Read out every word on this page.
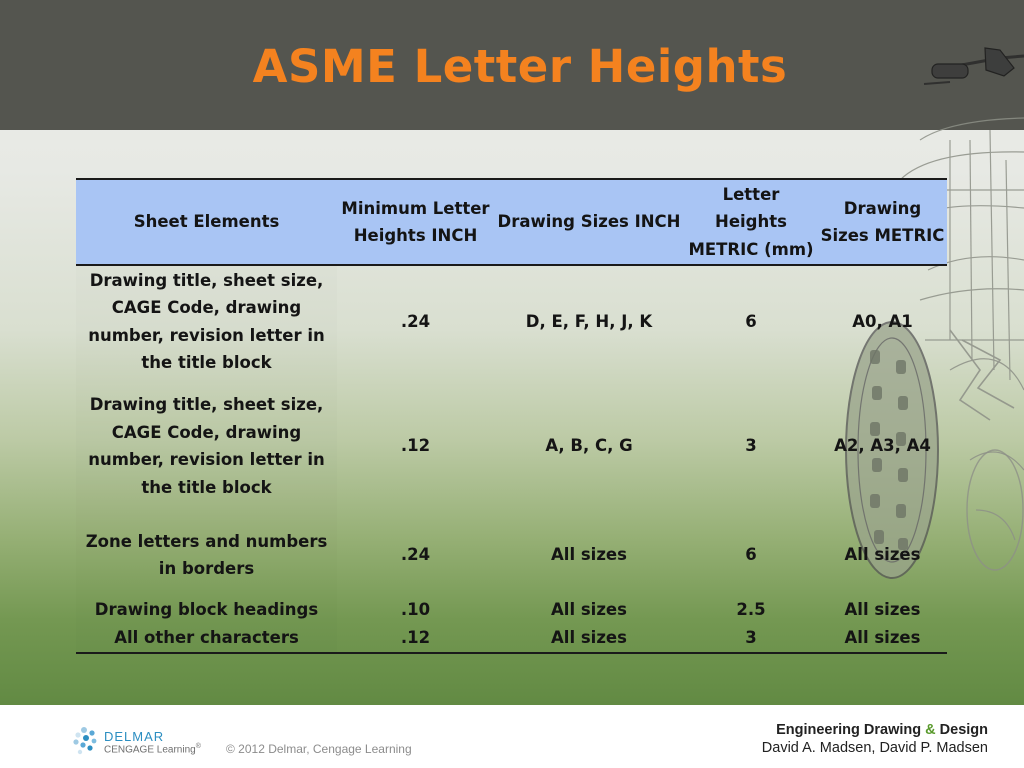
ASME Letter Heights
Sheet Elements	Minimum Letter Heights INCH	Drawing Sizes INCH	Letter Heights METRIC (mm)	Drawing Sizes METRIC
Drawing title, sheet size, CAGE Code, drawing number, revision letter in the title block	.24	D, E, F, H, J, K	6	A0, A1
Drawing title, sheet size, CAGE Code, drawing number, revision letter in the title block	.12	A, B, C, G	3	A2, A3, A4
Zone letters and numbers in borders	.24	All sizes	6	All sizes
Drawing block headings	.10	All sizes	2.5	All sizes
All other characters	.12	All sizes	3	All sizes
DELMAR
CENGAGE Learning® © 2012 Delmar, Cengage Learning
Engineering Drawing & Design
David A. Madsen, David P. Madsen
